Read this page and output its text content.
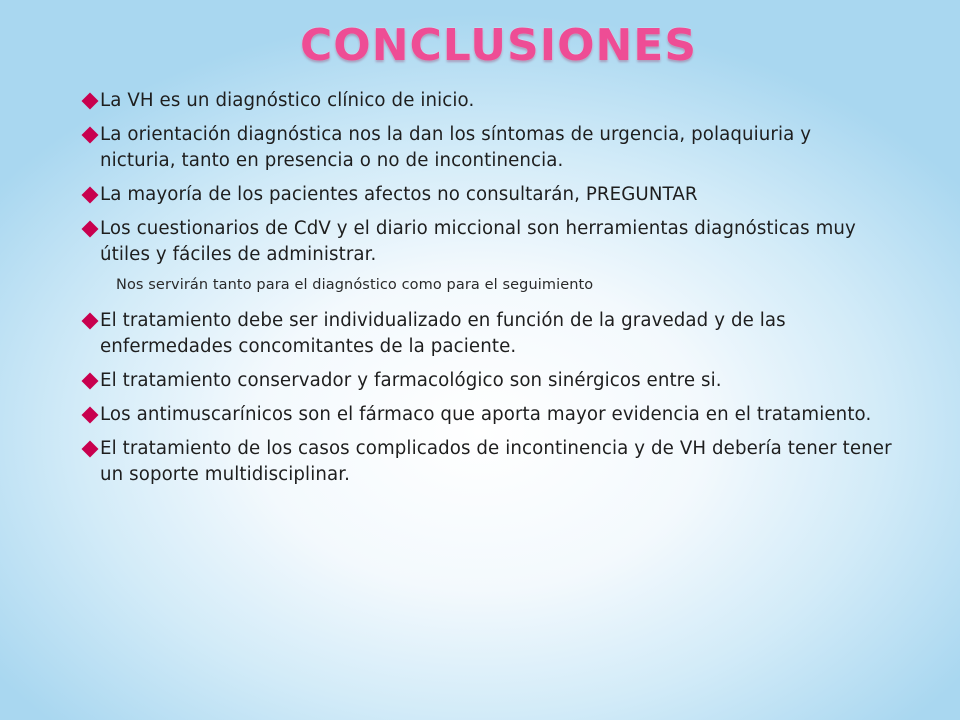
CONCLUSIONES
La VH es un diagnóstico clínico de inicio.
La orientación diagnóstica nos la dan los síntomas de urgencia, polaquiuria y nicturia, tanto en presencia o no de incontinencia.
La mayoría de los pacientes afectos no consultarán, PREGUNTAR
Los cuestionarios de CdV y el diario miccional son herramientas diagnósticas muy útiles y fáciles de administrar.
Nos servirán tanto para el diagnóstico como para el seguimiento
El tratamiento debe ser individualizado en función de la gravedad y de las enfermedades concomitantes de la paciente.
El tratamiento conservador y farmacológico son sinérgicos entre si.
Los antimuscarínicos son el fármaco que aporta mayor evidencia en el tratamiento.
El tratamiento de los casos complicados de incontinencia y de VH debería tener tener un soporte multidisciplinar.
